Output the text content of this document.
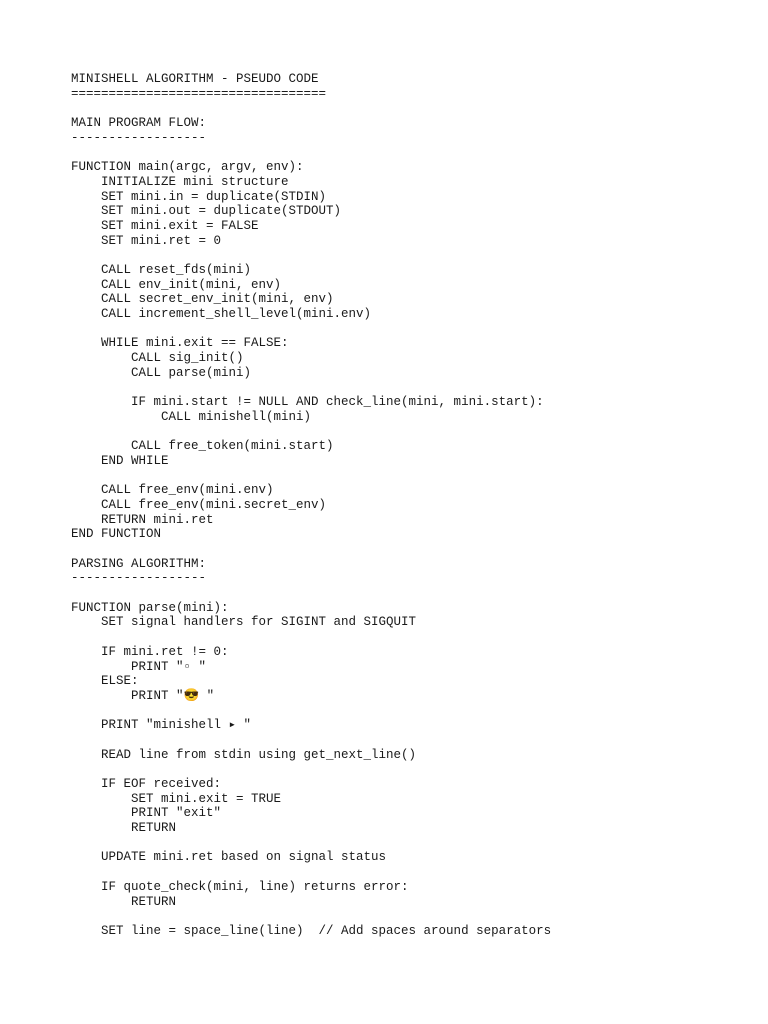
MINISHELL ALGORITHM - PSEUDO CODE
==================================
MAIN PROGRAM FLOW:
------------------
FUNCTION main(argc, argv, env):
INITIALIZE mini structure
SET mini.in = duplicate(STDIN)
SET mini.out = duplicate(STDOUT)
SET mini.exit = FALSE
SET mini.ret = 0
CALL reset_fds(mini)
CALL env_init(mini, env)
CALL secret_env_init(mini, env)
CALL increment_shell_level(mini.env)
WHILE mini.exit == FALSE:
CALL sig_init()
CALL parse(mini)
IF mini.start != NULL AND check_line(mini, mini.start):
CALL minishell(mini)
CALL free_token(mini.start)
END WHILE
CALL free_env(mini.env)
CALL free_env(mini.secret_env)
RETURN mini.ret
END FUNCTION
PARSING ALGORITHM:
------------------
FUNCTION parse(mini):
SET signal handlers for SIGINT and SIGQUIT
IF mini.ret != 0:
PRINT "▫ "
ELSE:
PRINT "😎 "
PRINT "minishell ▸ "
READ line from stdin using get_next_line()
IF EOF received:
SET mini.exit = TRUE
PRINT "exit"
RETURN
UPDATE mini.ret based on signal status
IF quote_check(mini, line) returns error:
RETURN
SET line = space_line(line)  // Add spaces around separators
